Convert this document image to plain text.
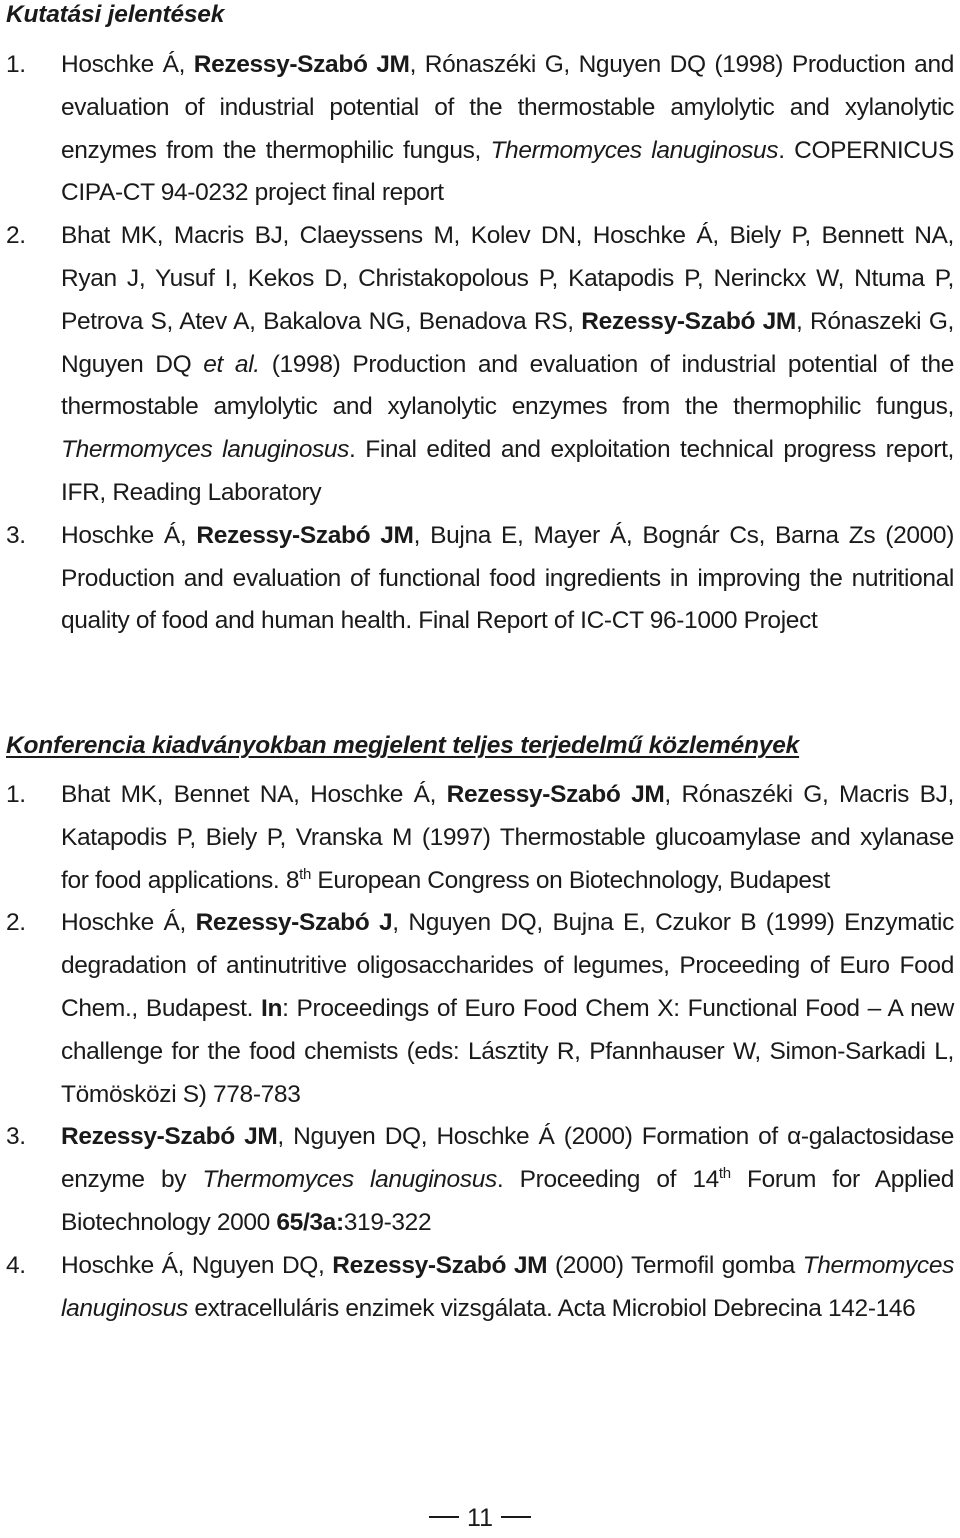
Kutatási jelentések
1. Hoschke Á, Rezessy-Szabó JM, Rónaszéki G, Nguyen DQ (1998) Production and evaluation of industrial potential of the thermostable amylolytic and xylanolytic enzymes from the thermophilic fungus, Thermomyces lanuginosus. COPERNICUS CIPA-CT 94-0232 project final report
2. Bhat MK, Macris BJ, Claeyssens M, Kolev DN, Hoschke Á, Biely P, Bennett NA, Ryan J, Yusuf I, Kekos D, Christakopolous P, Katapodis P, Nerinckx W, Ntuma P, Petrova S, Atev A, Bakalova NG, Benadova RS, Rezessy-Szabó JM, Rónaszeki G, Nguyen DQ et al. (1998) Production and evaluation of industrial potential of the thermostable amylolytic and xylanolytic enzymes from the thermophilic fungus, Thermomyces lanuginosus. Final edited and exploitation technical progress report, IFR, Reading Laboratory
3. Hoschke Á, Rezessy-Szabó JM, Bujna E, Mayer Á, Bognár Cs, Barna Zs (2000) Production and evaluation of functional food ingredients in improving the nutritional quality of food and human health. Final Report of IC-CT 96-1000 Project
Konferencia kiadványokban megjelent teljes terjedelmű közlemények
1. Bhat MK, Bennet NA, Hoschke Á, Rezessy-Szabó JM, Rónaszéki G, Macris BJ, Katapodis P, Biely P, Vranska M (1997) Thermostable glucoamylase and xylanase for food applications. 8th European Congress on Biotechnology, Budapest
2. Hoschke Á, Rezessy-Szabó J, Nguyen DQ, Bujna E, Czukor B (1999) Enzymatic degradation of antinutritive oligosaccharides of legumes, Proceeding of Euro Food Chem., Budapest. In: Proceedings of Euro Food Chem X: Functional Food – A new challenge for the food chemists (eds: Lásztity R, Pfannhauser W, Simon-Sarkadi L, Tömösközi S) 778-783
3. Rezessy-Szabó JM, Nguyen DQ, Hoschke Á (2000) Formation of α-galactosidase enzyme by Thermomyces lanuginosus. Proceeding of 14th Forum for Applied Biotechnology 2000 65/3a:319-322
4. Hoschke Á, Nguyen DQ, Rezessy-Szabó JM (2000) Termofil gomba Thermomyces lanuginosus extracelluláris enzimek vizsgálata. Acta Microbiol Debrecina 142-146
11
